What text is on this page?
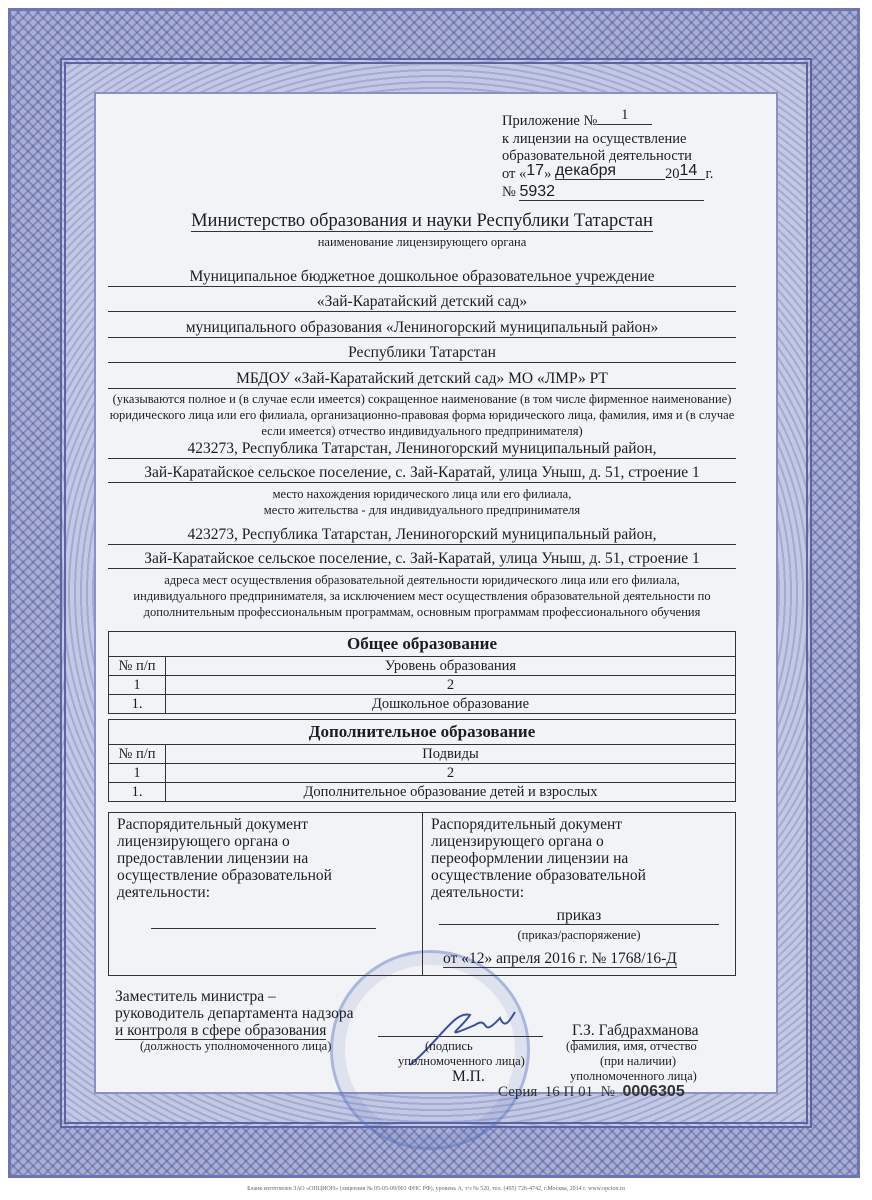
Приложение № 1
к лицензии на осуществление
образовательной деятельности
от «17» декабря	2014 г.
№ 5932
Министерство образования и науки Республики Татарстан
наименование лицензирующего органа
Муниципальное бюджетное дошкольное образовательное учреждение
«Зай-Каратайский детский сад»
муниципального образования «Лениногорский муниципальный район»
Республики Татарстан
МБДОУ «Зай-Каратайский детский сад» МО «ЛМР» РТ
(указываются полное и (в случае если имеется) сокращенное наименование (в том числе фирменное наименование) юридического лица или его филиала, организационно-правовая форма юридического лица, фамилия, имя и (в случае если имеется) отчество индивидуального предпринимателя)
423273, Республика Татарстан, Лениногорский муниципальный район,
Зай-Каратайское сельское поселение, с. Зай-Каратай, улица Уныш, д. 51, строение 1
место нахождения юридического лица или его филиала,
место жительства - для индивидуального предпринимателя
423273, Республика Татарстан, Лениногорский муниципальный район,
Зай-Каратайское сельское поселение, с. Зай-Каратай, улица Уныш, д. 51, строение 1
адреса мест осуществления образовательной деятельности юридического лица или его филиала, индивидуального предпринимателя, за исключением мест осуществления образовательной деятельности по дополнительным профессиональным программам, основным программам профессионального обучения
Общее образование
№ п/п	Уровень образования
1	2
1.	Дошкольное образование
Дополнительное образование
№ п/п	Подвиды
1	2
1.	Дополнительное образование детей и взрослых
Распорядительный документ лицензирующего органа о предоставлении лицензии на осуществление образовательной деятельности:
Распорядительный документ лицензирующего органа о переоформлении лицензии на осуществление образовательной деятельности:
приказ
(приказ/распоряжение)
от «12» апреля 2016 г. № 1768/16-Д
Заместитель министра –
руководитель департамента надзора
и контроля в сфере образования
(должность уполномоченного лица)	(подпись
уполномоченного лица)
М.П.
Г.З. Габдрахманова
(фамилия, имя, отчество
(при наличии)
уполномоченного лица)
Серия 16 П 01 № 0006305
Бланк изготовлен ЗАО «ОПЦИОН» (лицензия № 05-05-09/003 ФНС РФ), уровень А, т/з № 520, тел. (495) 726-4742, г.Москва, 2014 г. www.opcion.ru
